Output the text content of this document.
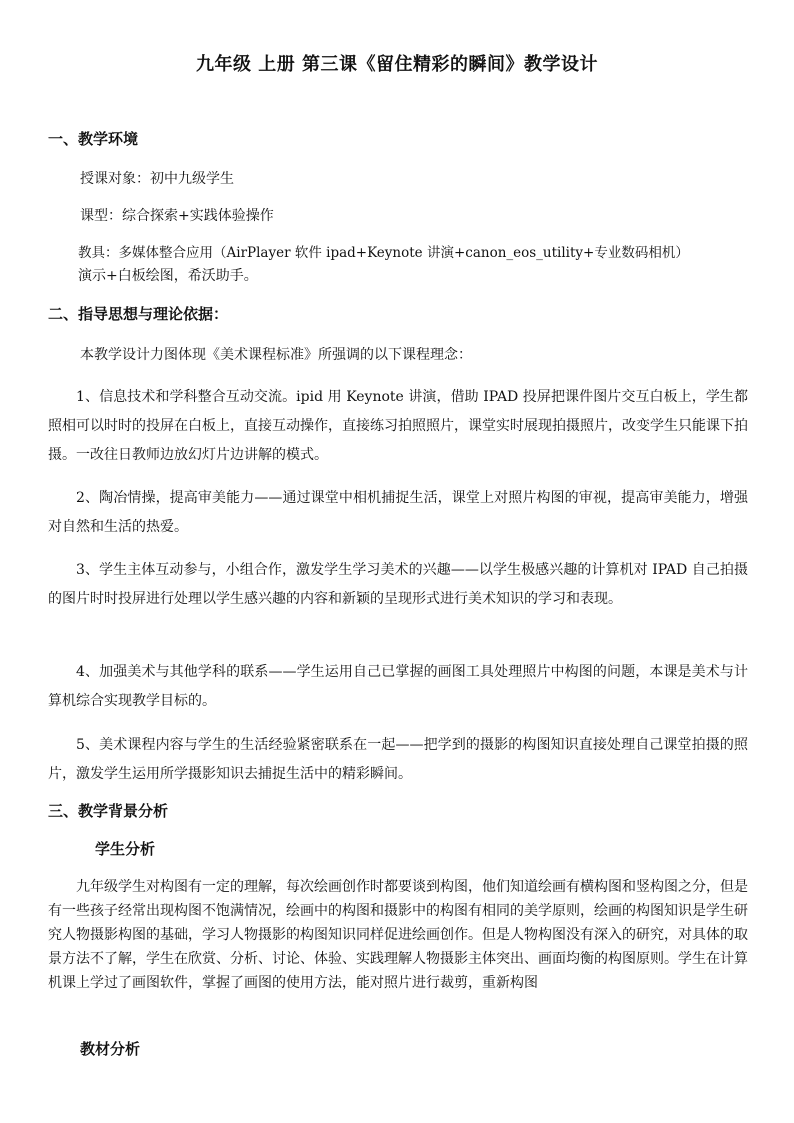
九年级 上册 第三课《留住精彩的瞬间》教学设计
一、教学环境
授课对象：初中九级学生
课型：综合探索+实践体验操作
教具：多媒体整合应用（AirPlayer 软件 ipad+Keynote 讲演+canon_eos_utility+专业数码相机）
演示+白板绘图，希沃助手。
二、指导思想与理论依据：
本教学设计力图体现《美术课程标准》所强调的以下课程理念：
1、信息技术和学科整合互动交流。ipid 用 Keynote 讲演，借助 IPAD 投屏把课件图片交互白板上，学生都照相可以时时的投屏在白板上，直接互动操作，直接练习拍照照片，课堂实时展现拍摄照片，改变学生只能课下拍摄。一改往日教师边放幻灯片边讲解的模式。
2、陶冶情操，提高审美能力——通过课堂中相机捕捉生活，课堂上对照片构图的审视，提高审美能力，增强对自然和生活的热爱。
3、学生主体互动参与，小组合作，激发学生学习美术的兴趣——以学生极感兴趣的计算机对 IPAD 自己拍摄的图片时时投屏进行处理以学生感兴趣的内容和新颖的呈现形式进行美术知识的学习和表现。
4、加强美术与其他学科的联系——学生运用自己已掌握的画图工具处理照片中构图的问题，本课是美术与计算机综合实现教学目标的。
5、美术课程内容与学生的生活经验紧密联系在一起——把学到的摄影的构图知识直接处理自己课堂拍摄的照片，激发学生运用所学摄影知识去捕捉生活中的精彩瞬间。
三、教学背景分析
学生分析
九年级学生对构图有一定的理解，每次绘画创作时都要谈到构图，他们知道绘画有横构图和竖构图之分，但是有一些孩子经常出现构图不饱满情况，绘画中的构图和摄影中的构图有相同的美学原则，绘画的构图知识是学生研究人物摄影构图的基础，学习人物摄影的构图知识同样促进绘画创作。但是人物构图没有深入的研究，对具体的取景方法不了解，学生在欣赏、分析、讨论、体验、实践理解人物摄影主体突出、画面均衡的构图原则。学生在计算机课上学过了画图软件，掌握了画图的使用方法，能对照片进行裁剪，重新构图
教材分析
